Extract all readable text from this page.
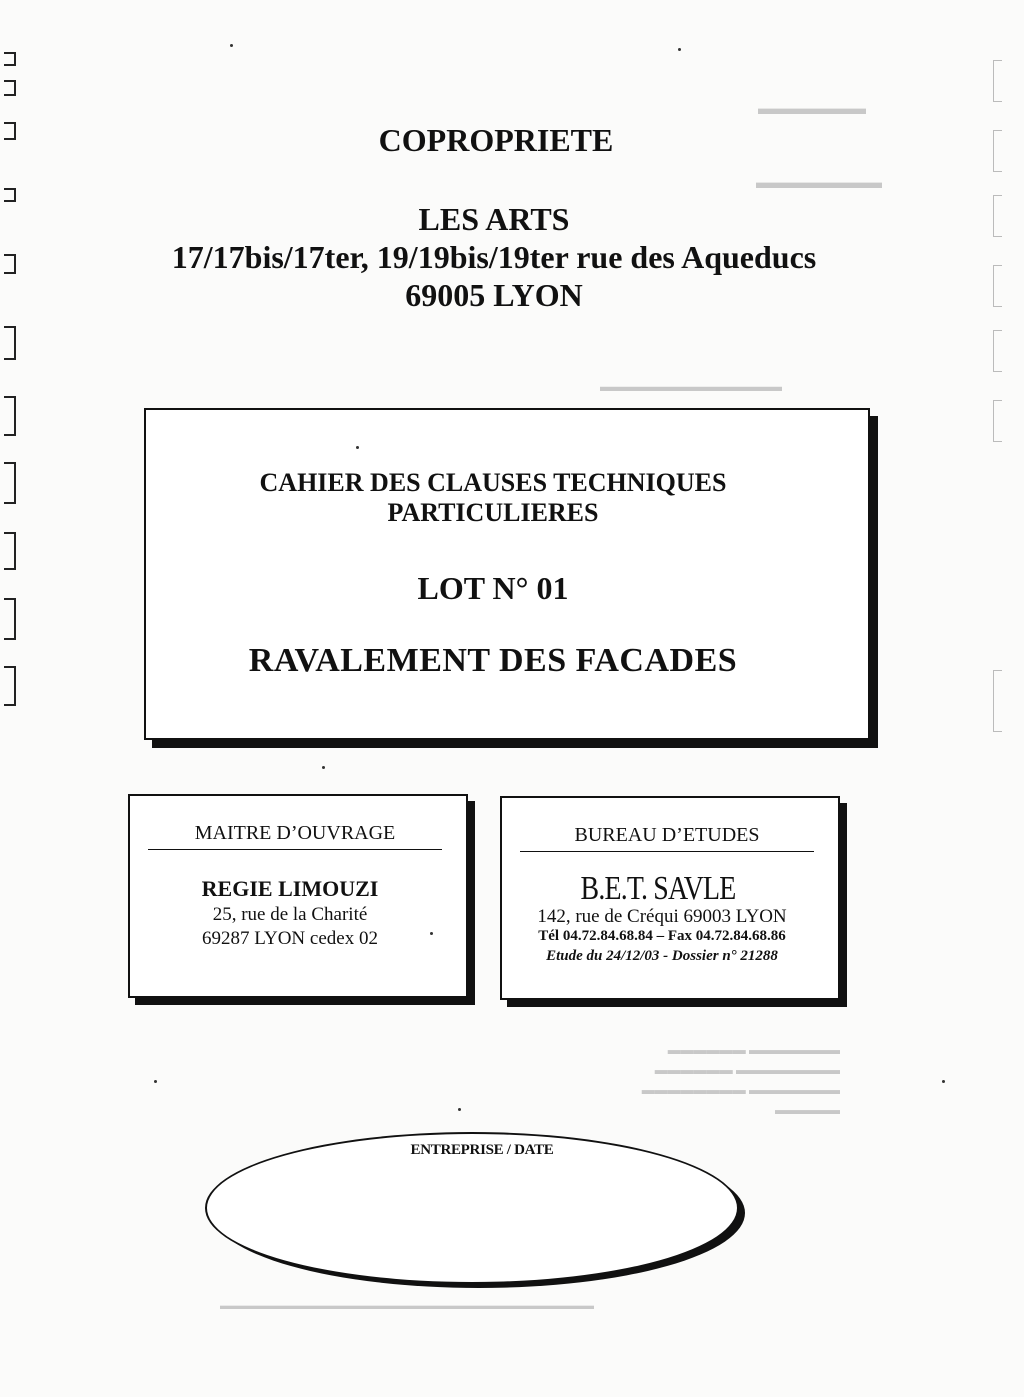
▬▬▬▬▬▬
▬▬▬▬▬▬▬
▬▬▬▬▬▬▬▬▬▬▬▬▬
▬▬▬▬▬▬▬ ▬▬▬▬▬▬ ▬▬▬▬▬▬▬▬ ▬▬▬▬▬▬ ▬▬▬▬▬▬▬ ▬▬▬▬▬▬▬▬ ▬▬▬▬▬
▬▬▬▬▬▬▬▬▬▬▬▬▬▬▬▬▬▬▬▬▬▬▬▬▬▬▬▬▬▬▬▬▬▬
COPROPRIETE
LES ARTS
17/17bis/17ter, 19/19bis/19ter rue des Aqueducs
69005 LYON
CAHIER DES CLAUSES TECHNIQUES
PARTICULIERES
LOT N° 01
RAVALEMENT DES FACADES
MAITRE D’OUVRAGE
REGIE LIMOUZI
25, rue de la Charité
69287 LYON cedex 02
BUREAU D’ETUDES
B.E.T. SAVLE
142, rue de Créqui 69003 LYON
Tél 04.72.84.68.84 – Fax 04.72.84.68.86
Etude du 24/12/03 - Dossier n° 21288
ENTREPRISE / DATE
